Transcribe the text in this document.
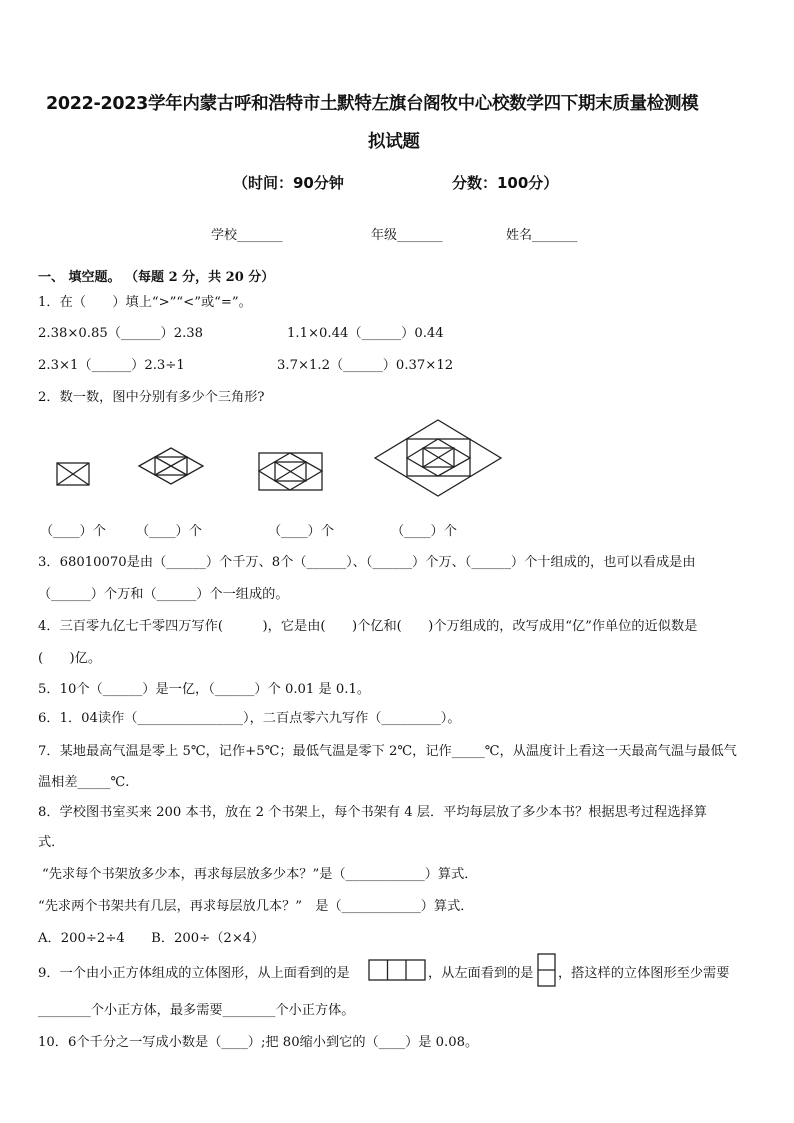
2022-2023学年内蒙古呼和浩特市土默特左旗台阁牧中心校数学四下期末质量检测模
拟试题
（时间：90分钟	分数：100分）
学校_______	年级_______	姓名_______
一、 填空题。 （每题 2 分，共 20 分）
1．在（　　）填上“>”“<”或“=”。
2.38×0.85（______）2.38	1.1×0.44（______）0.44
2.3×1（______）2.3÷1	3.7×1.2（______）0.37×12
2．数一数，图中分别有多少个三角形?
（____）个 （____）个	（____）个	（____）个
3．68010070是由（______）个千万、8个（______）、（______）个万、（______）个十组成的，也可以看成是由
（______）个万和（______）个一组成的。
4．三百零九亿七千零四万写作(　　　)，它是由(　　)个亿和(　　)个万组成的，改写成用“亿”作单位的近似数是
(　　)亿。
5．10个（______）是一亿，（______）个 0.01 是 0.1。
6．1．04读作（________________），二百点零六九写作（_________）。
7．某地最高气温是零上 5℃，记作+5℃；最低气温是零下 2℃，记作_____℃，从温度计上看这一天最高气温与最低气
温相差_____℃.
8．学校图书室买来 200 本书，放在 2 个书架上，每个书架有 4 层．平均每层放了多少本书？根据思考过程选择算
式．
“先求每个书架放多少本，再求每层放多少本？”是（____________）算式．
“先求两个书架共有几层，再求每层放几本？”　是（____________）算式．
A．200÷2÷4　　B．200÷（2×4）
9．一个由小正方体组成的立体图形，从上面看到的是	，从左面看到的是 ，搭这样的立体图形至少需要
________个小正方体，最多需要________个小正方体。
10．6个千分之一写成小数是（____）;把 80缩小到它的（____）是 0.08。
